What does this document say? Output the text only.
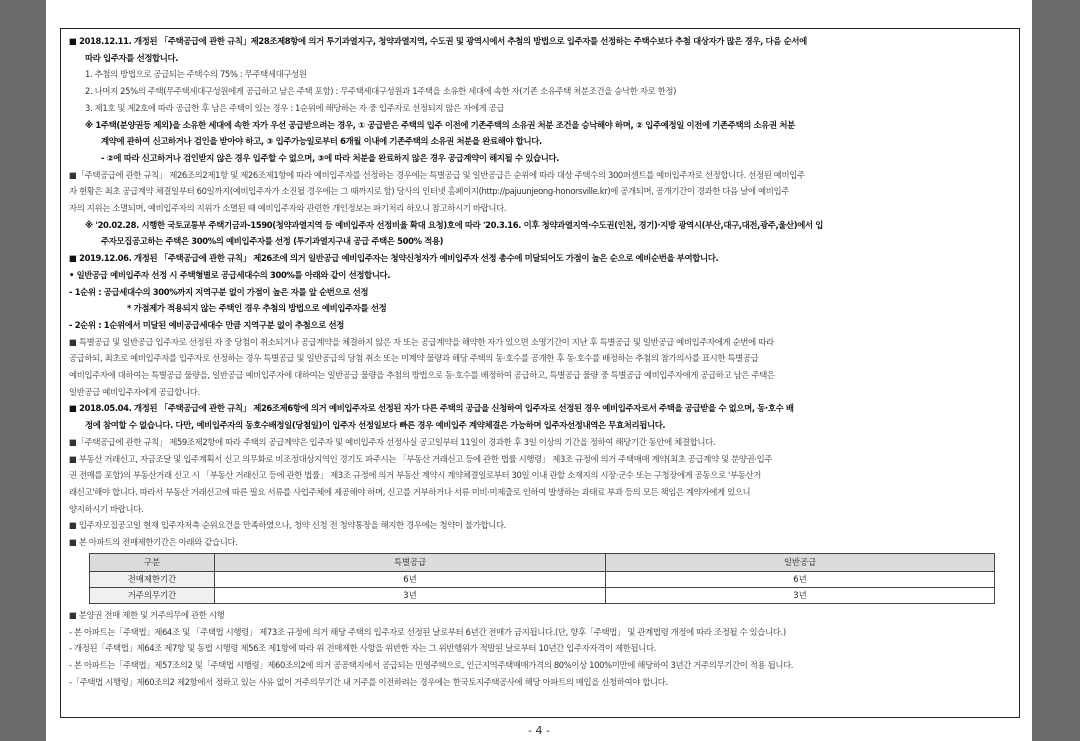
■ 2018.12.11. 개정된 「주택공급에 관한 규칙」제28조제8항에 의거 투기과열지구, 청약과열지역, 수도권 및 광역시에서 추첨의 방법으로 입주자를 선정하는 주택수보다 추첨 대상자가 많은 경우, 다음 순서에
따라 입주자를 선정합니다.
1. 추첨의 방법으로 공급되는 주택수의 75% : 무주택세대구성원
2. 나머지 25%의 주택(무주택세대구성원에게 공급하고 남은 주택 포함) : 무주택세대구성원과 1주택을 소유한 세대에 속한 자(기존 소유주택 처분조건을 승낙한 자로 한정)
3. 제1호 및 제2호에 따라 공급한 후 남은 주택이 있는 경우 : 1순위에 해당하는 자 중 입주자로 선정되지 않은 자에게 공급
※ 1주택(분양권등 제외)을 소유한 세대에 속한 자가 우선 공급받으려는 경우, ① 공급받은 주택의 입주 이전에 기존주택의 소유권 처분 조건을 승낙해야 하며, ② 입주예정일 이전에 기존주택의 소유권 처분
계약에 관하여 신고하거나 검인을 받아야 하고, ③ 입주가능일로부터 6개월 이내에 기존주택의 소유권 처분을 완료해야 합니다.
- ②에 따라 신고하거나 검인받지 않은 경우 입주할 수 없으며, ③에 따라 처분을 완료하지 않은 경우 공급계약이 해지될 수 있습니다.
■「주택공급에 관한 규칙」 제26조의2제1항 및 제26조제1항에 따라 예비입주자를 선정하는 경우에는 특별공급 및 일반공급은 순위에 따라 대상 주택수의 300퍼센트를 예비입주자로 선정합니다. 선정된 예비입주
자 현황은 최초 공급계약 체결일부터 60일까지(예비입주자가 소진될 경우에는 그 때까지로 함) 당사의 인터넷 홈페이지(http://pajuunjeong-honorsville.kr)에 공개되며, 공개기간이 경과한 다음 날에 예비입주
자의 지위는 소멸되며, 예비입주자의 지위가 소멸된 때 예비입주자와 관련한 개인정보는 파기처리 하오니 참고하시기 바랍니다.
※ '20.02.28. 시행한 국토교통부 주택기금과-1590(청약과열지역 등 예비입주자 선정비율 확대 요청)호에 따라 '20.3.16. 이후 청약과열지역·수도권(인천, 경기)·지방 광역시(부산,대구,대전,광주,울산)에서 입
주자모집공고하는 주택은 300%의 예비입주자를 선정 (투기과열지구내 공급 주택은 500% 적용)
■ 2019.12.06. 개정된 「주택공급에 관한 규칙」 제26조에 의거 일반공급 예비입주자는 청약신청자가 예비입주자 선정 총수에 미달되어도 가점이 높은 순으로 예비순번을 부여합니다.
• 일반공급 예비입주자 선정 시 주택형별로 공급세대수의 300%를 아래와 같이 선정합니다.
- 1순위 : 공급세대수의 300%까지 지역구분 없이 가점이 높은 자를 앞 순번으로 선정
* 가점제가 적용되지 않는 주택인 경우 추첨의 방법으로 예비입주자를 선정
- 2순위 : 1순위에서 미달된 예비공급세대수 만큼 지역구분 없이 추첨으로 선정
■ 특별공급 및 일반공급 입주자로 선정된 자 중 당첨이 취소되거나 공급계약을 체결하지 않은 자 또는 공급계약을 해약한 자가 있으면 소명기간이 지난 후 특별공급 및 일반공급 예비입주자에게 순번에 따라
공급하되, 최초로 예비입주자를 입주자로 선정하는 경우 특별공급 및 일반공급의 당첨 취소 또는 미계약 물량과 해당 주택의 동·호수를 공개한 후 동·호수를 배정하는 추첨의 참가의사를 표시한 특별공급
예비입주자에 대하여는 특별공급 물량을, 일반공급 예비입주자에 대하여는 일반공급 물량을 추첨의 방법으로 동·호수를 배정하여 공급하고, 특별공급 물량 중 특별공급 예비입주자에게 공급하고 남은 주택은
일반공급 예비입주자에게 공급합니다.
■ 2018.05.04. 개정된 「주택공급에 관한 규칙」 제26조제6항에 의거 예비입주자로 선정된 자가 다른 주택의 공급을 신청하여 입주자로 선정된 경우 예비입주자로서 주택을 공급받을 수 없으며, 동·호수 배
정에 참여할 수 없습니다. 다만, 예비입주자의 동호수배정일(당첨일)이 입주자 선정일보다 빠른 경우 예비입주 계약체결은 가능하며 입주자선정내역은 무효처리됩니다.
■「주택공급에 관한 규칙」 제59조제2항에 따라 주택의 공급계약은 입주자 및 예비입주자 선정사실 공고일부터 11일이 경과한 후 3일 이상의 기간을 정하여 해당기간 동안에 체결합니다.
■ 부동산 거래신고, 자금조달 및 입주계획서 신고 의무화로 비조정대상지역인 경기도 파주시는 「부동산 거래신고 등에 관한 법률 시행령」 제3조 규정에 의거 주택매매 계약(최초 공급계약 및 분양권·입주
권 전매를 포함)의 부동산거래 신고 시 「부동산 거래신고 등에 관한 법률」 제3조 규정에 의거 부동산 계약시 계약체결일로부터 30일 이내 관할 소재지의 시장·군수 또는 구청장에게 공동으로 '부동산거
래신고'해야 합니다. 따라서 부동산 거래신고에 따른 필요 서류를 사업주체에 제공해야 하며, 신고를 거부하거나 서류 미비·미제출로 인하여 발생하는 과태료 부과 등의 모든 책임은 계약자에게 있으니
양지하시기 바랍니다.
■ 입주자모집공고일 현재 입주자저축 순위요건을 만족하였으나, 청약 신청 전 청약통장을 해지한 경우에는 청약이 불가합니다.
■ 본 아파트의 전매제한기간은 아래와 같습니다.
구분	특별공급	일반공급
전매제한기간	6년	6년
거주의무기간	3년	3년
■ 분양권 전매 제한 및 거주의무에 관한 시행
- 본 아파트는「주택법」제64조 및 「주택법 시행령」 제73조 규정에 의거 해당 주택의 입주자로 선정된 날로부터 6년간 전매가 금지됩니다.(단, 향후「주택법」 및 관계법령 개정에 따라 조정될 수 있습니다.)
- 개정된「주택법」제64조 제7항 및 동법 시행령 제56조 제1항에 따라 위 전매제한 사항을 위반한 자는 그 위반행위가 적발된 날로부터 10년간 입주자자격이 제한됩니다.
- 본 아파트는「주택법」제57조의2 및「주택법 시행령」제60조의2에 의거 공공택지에서 공급되는 민영주택으로, 인근지역주택매매가격의 80%이상 100%미만에 해당하여 3년간 거주의무기간이 적용 됩니다.
-「주택법 시행령」제60조의2 제2항에서 정하고 있는 사유 없이 거주의무기간 내 거주를 이전하려는 경우에는 한국토지주택공사에 해당 아파트의 매입을 신청하여야 합니다.
- 4 -
